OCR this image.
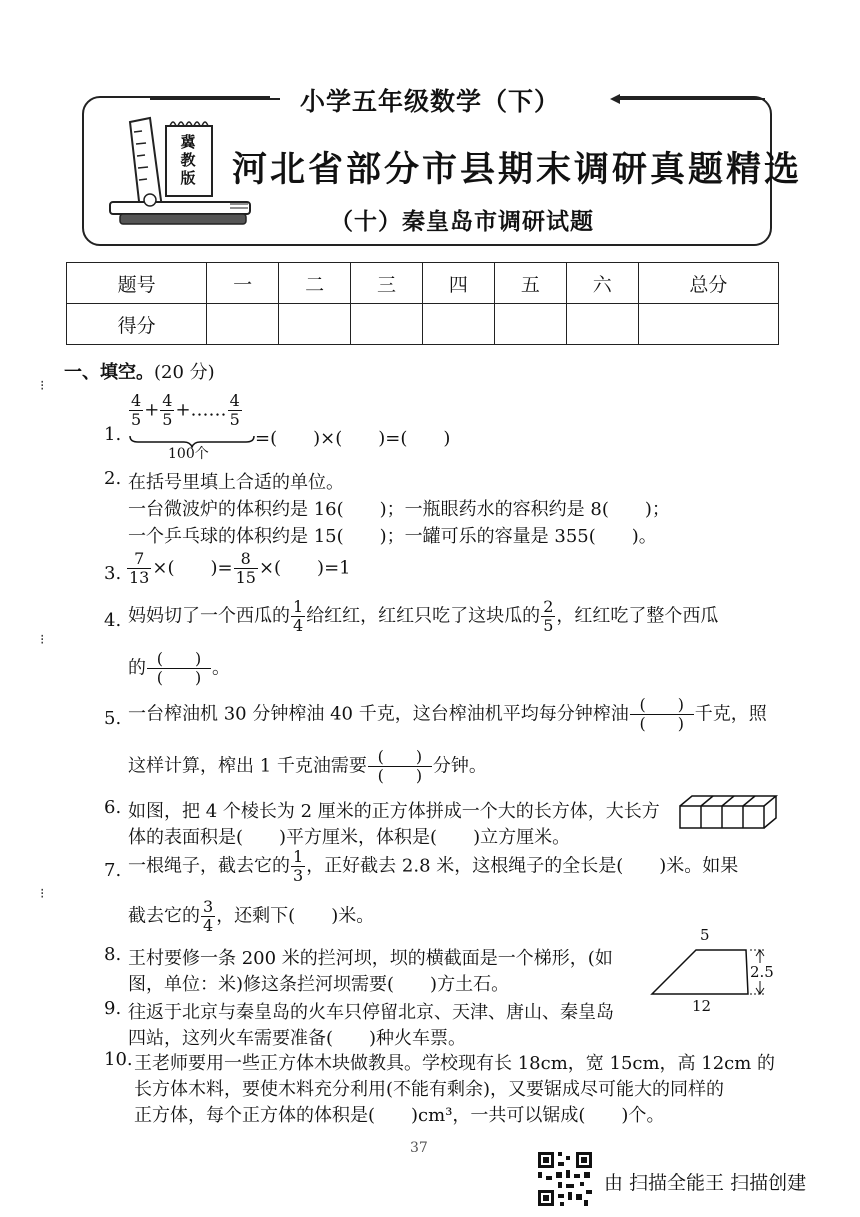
小学五年级数学（下）
冀教版 河北省部分市县期末调研真题精选
（十）秦皇岛市调研试题
题号	一	二	三	四	五	六	总分
得分							
一、填空。(20 分)
⁝
⁝
⁝
1.
$\frac{4}{5} + \frac{4}{5}$ +…… $\frac{4}{5}$
=(　　)×(　　)=(　　)
100个
2. 在括号里填上合适的单位。
一台微波炉的体积约是 16(　　)；一瓶眼药水的容积约是 8(　　)；
一个乒乓球的体积约是 15(　　)；一罐可乐的容量是 355(　　)。
3. $\frac{7}{13}$ ×(　　)= $\frac{8}{15}$ ×(　　)=1
4. 妈妈切了一个西瓜的 $\frac{1}{4}$ 给红红，红红只吃了这块瓜的 $\frac{2}{5}$ ，红红吃了整个西瓜
的 $\frac{( )}{( )}$ 。
5. 一台榨油机 30 分钟榨油 40 千克，这台榨油机平均每分钟榨油 $\frac{( )}{( )}$ 千克，照
这样计算，榨出 1 千克油需要 $\frac{( )}{( )}$ 分钟。
6. 如图，把 4 个棱长为 2 厘米的正方体拼成一个大的长方体，大长方
体的表面积是(　　)平方厘米，体积是(　　)立方厘米。
7. 一根绳子，截去它的 $\frac{1}{3}$ ，正好截去 2.8 米，这根绳子的全长是(　　)米。如果
截去它的 $\frac{3}{4}$ ，还剩下(　　)米。
8. 王村要修一条 200 米的拦河坝，坝的横截面是一个梯形，(如
图，单位：米)修这条拦河坝需要(　　)方土石。
5
2.5
12
9. 往返于北京与秦皇岛的火车只停留北京、天津、唐山、秦皇岛
四站，这列火车需要准备(　　)种火车票。
10. 王老师要用一些正方体木块做教具。学校现有长 18cm，宽 15cm，高 12cm 的
长方体木料，要使木料充分利用(不能有剩余)，又要锯成尽可能大的同样的
正方体，每个正方体的体积是(　　)cm³，一共可以锯成(　　)个。
37
由 扫描全能王 扫描创建
